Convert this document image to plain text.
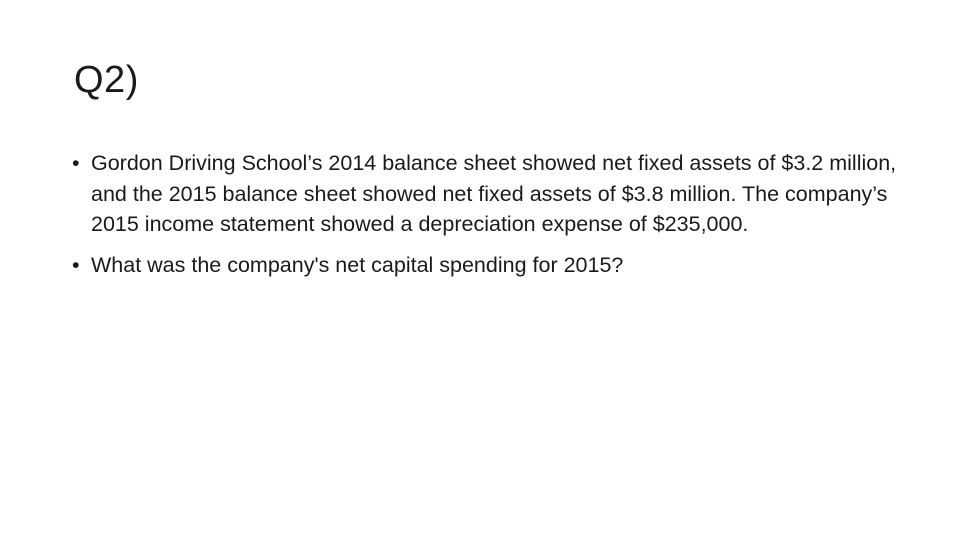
Q2)
• Gordon Driving School’s 2014 balance sheet showed net fixed assets of $3.2 million, and the 2015 balance sheet showed net fixed assets of $3.8 million. The company’s 2015 income statement showed a depreciation expense of $235,000.
• What was the company's net capital spending for 2015?
